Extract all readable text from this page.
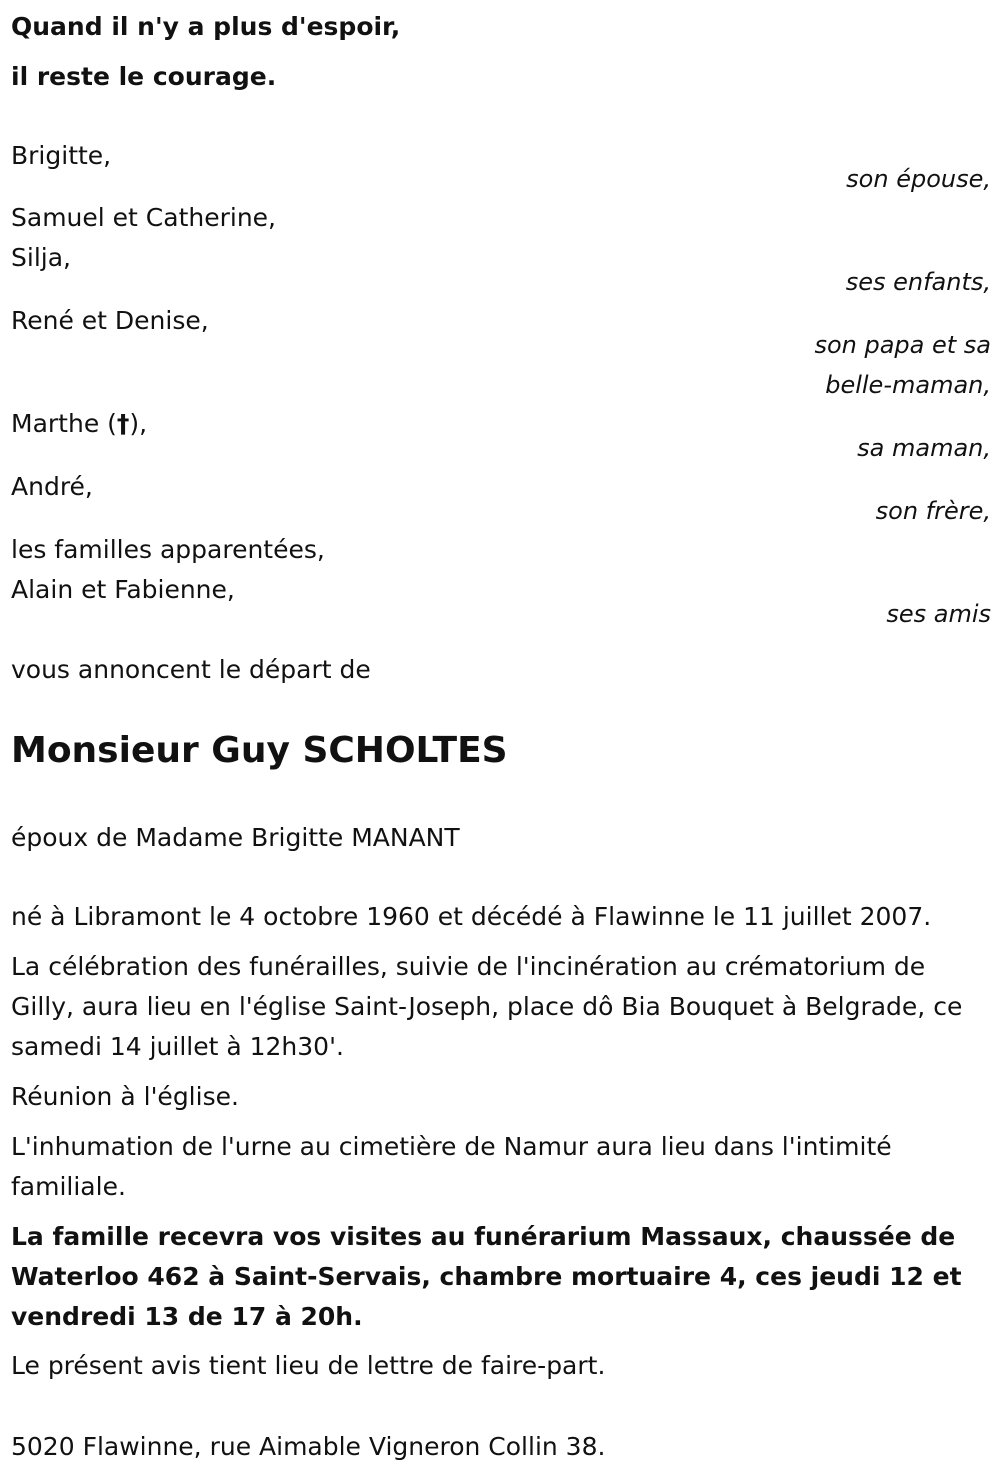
Quand il n'y a plus d'espoir,
il reste le courage.
Brigitte,
son épouse,
Samuel et Catherine,
Silja,
ses enfants,
René et Denise,
son papa et sa
belle-maman,
Marthe (†),
sa maman,
André,
son frère,
les familles apparentées,
Alain et Fabienne,
ses amis
vous annoncent le départ de
Monsieur Guy SCHOLTES
époux de Madame Brigitte MANANT
né à Libramont le 4 octobre 1960 et décédé à Flawinne le 11 juillet 2007.
La célébration des funérailles, suivie de l'incinération au crématorium de Gilly, aura lieu en l'église Saint-Joseph, place dô Bia Bouquet à Belgrade, ce samedi 14 juillet à 12h30'.
Réunion à l'église.
L'inhumation de l'urne au cimetière de Namur aura lieu dans l'intimité familiale.
La famille recevra vos visites au funérarium Massaux, chaussée de Waterloo 462 à Saint-Servais, chambre mortuaire 4, ces jeudi 12 et vendredi 13 de 17 à 20h.
Le présent avis tient lieu de lettre de faire-part.
5020 Flawinne, rue Aimable Vigneron Collin 38.
